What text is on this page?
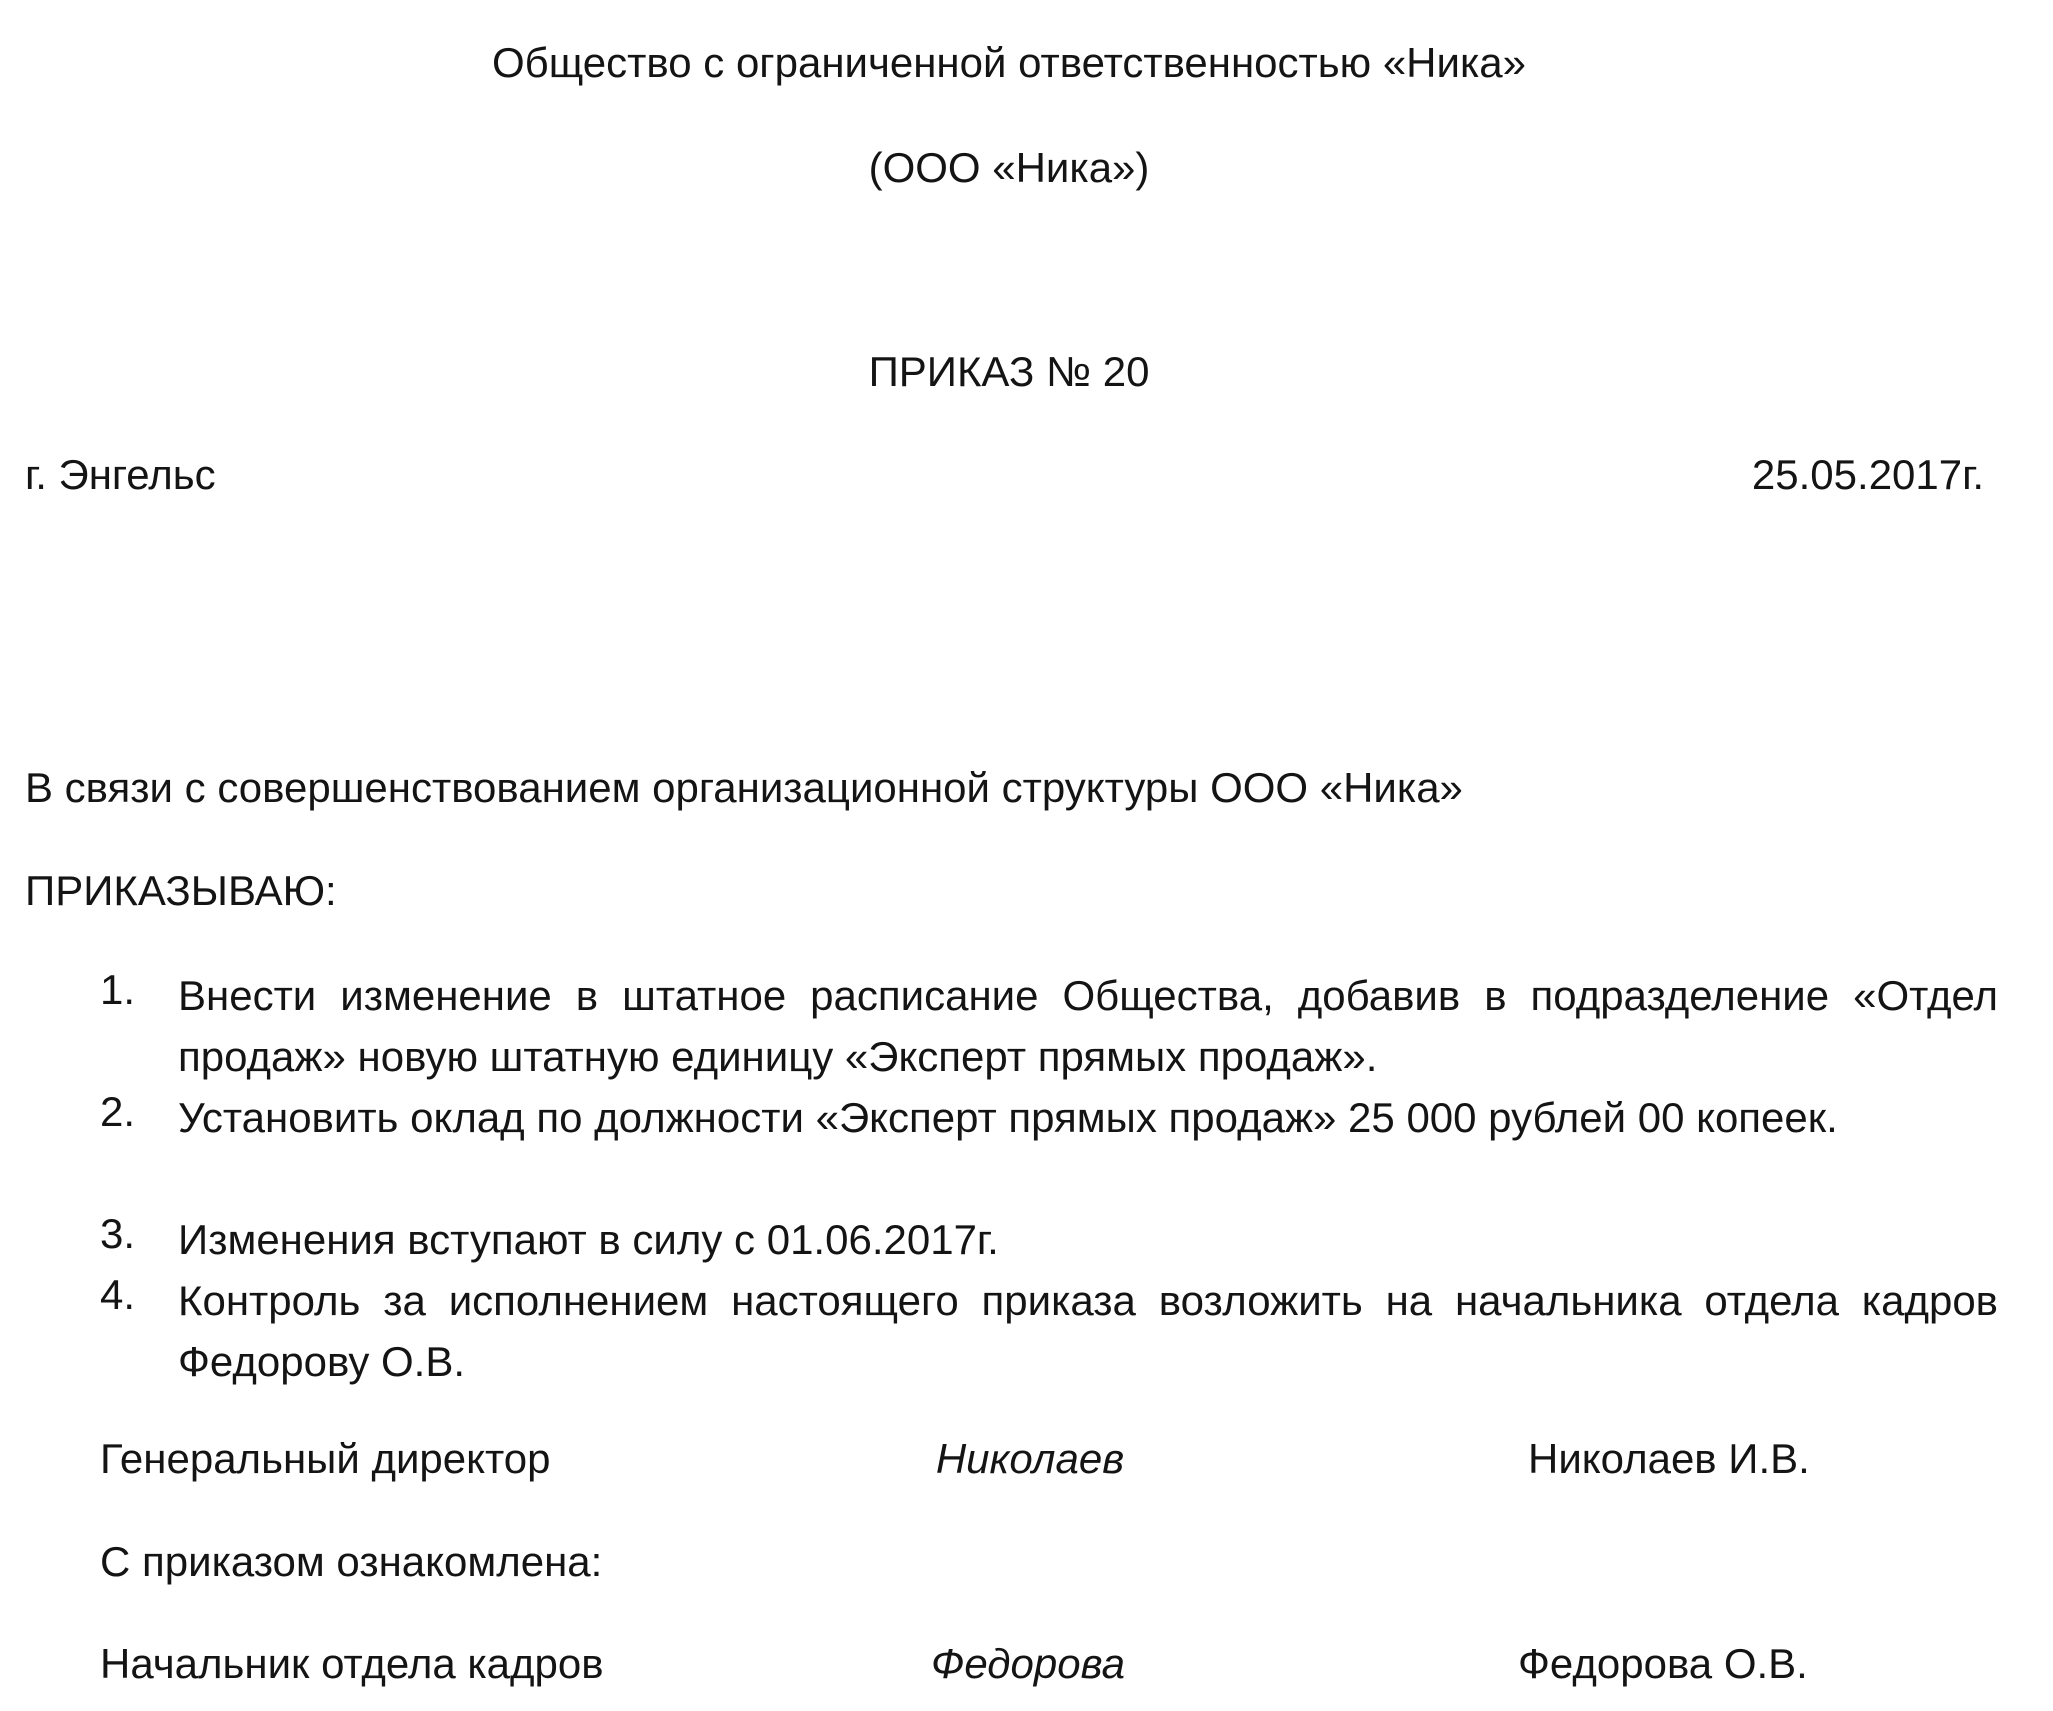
Общество с ограниченной ответственностью «Ника»
(ООО «Ника»)
ПРИКАЗ № 20
г. Энгельс	25.05.2017г.
В связи с совершенствованием организационной структуры ООО «Ника»
ПРИКАЗЫВАЮ:
1.	Внести изменение в штатное расписание Общества, добавив в подразделение «Отдел продаж» новую штатную единицу «Эксперт прямых продаж».
2.	Установить оклад по должности «Эксперт прямых продаж» 25 000 рублей 00 копеек.
3.	Изменения вступают в силу с 01.06.2017г.
4.	Контроль за исполнением настоящего приказа возложить на начальника отдела кадров Федорову О.В.
Генеральный директор	Николаев	Николаев И.В.
С приказом ознакомлена:
Начальник отдела кадров	Федорова	Федорова О.В.
